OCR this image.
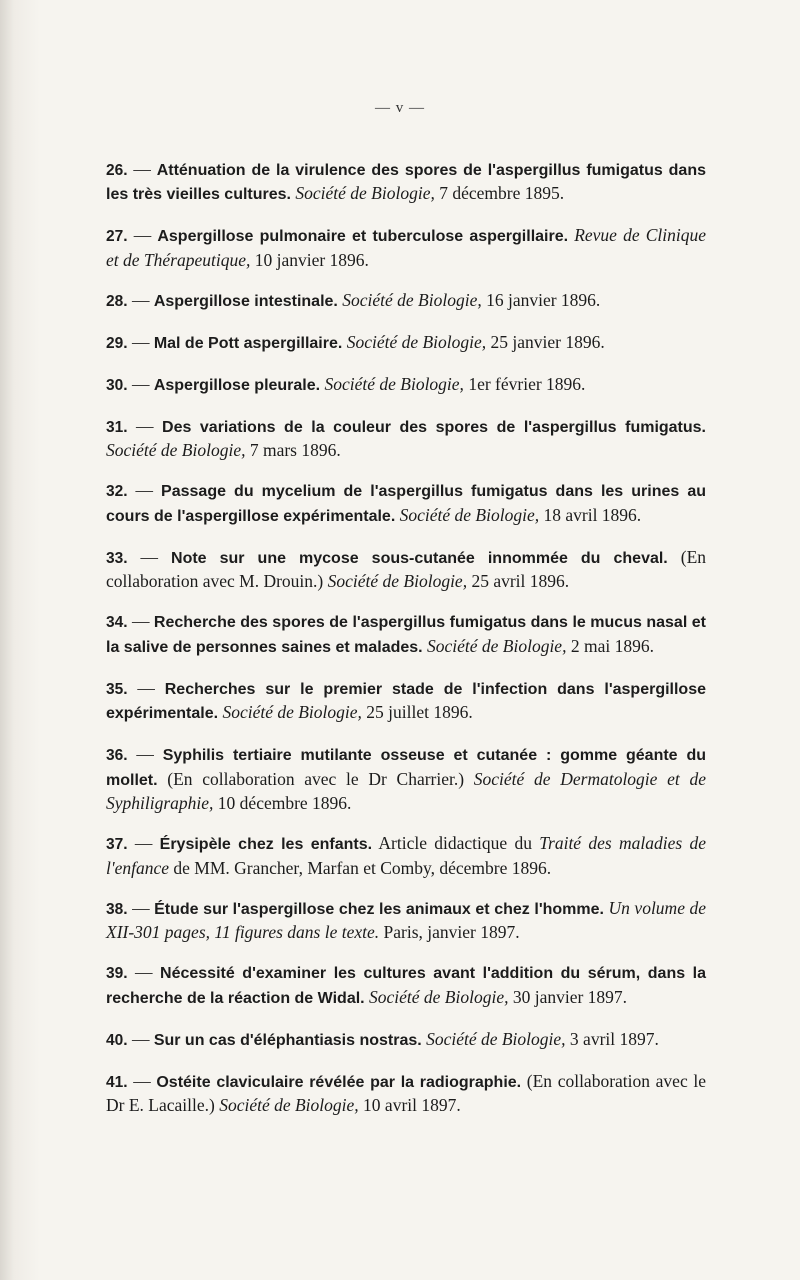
— v —

26. — Atténuation de la virulence des spores de l'aspergillus fumigatus dans les très vieilles cultures. Société de Biologie, 7 décembre 1895.

27. — Aspergillose pulmonaire et tuberculose aspergillaire. Revue de Clinique et de Thérapeutique, 10 janvier 1896.

28. — Aspergillose intestinale. Société de Biologie, 16 janvier 1896.

29. — Mal de Pott aspergillaire. Société de Biologie, 25 janvier 1896.

30. — Aspergillose pleurale. Société de Biologie, 1er février 1896.

31. — Des variations de la couleur des spores de l'aspergillus fumigatus. Société de Biologie, 7 mars 1896.

32. — Passage du mycelium de l'aspergillus fumigatus dans les urines au cours de l'aspergillose expérimentale. Société de Biologie, 18 avril 1896.

33. — Note sur une mycose sous-cutanée innommée du cheval. (En collaboration avec M. Drouin.) Société de Biologie, 25 avril 1896.

34. — Recherche des spores de l'aspergillus fumigatus dans le mucus nasal et la salive de personnes saines et malades. Société de Biologie, 2 mai 1896.

35. — Recherches sur le premier stade de l'infection dans l'aspergillose expérimentale. Société de Biologie, 25 juillet 1896.

36. — Syphilis tertiaire mutilante osseuse et cutanée : gomme géante du mollet. (En collaboration avec le Dr Charrier.) Société de Dermatologie et de Syphiligraphie, 10 décembre 1896.

37. — Érysipèle chez les enfants. Article didactique du Traité des maladies de l'enfance de MM. Grancher, Marfan et Comby, décembre 1896.

38. — Étude sur l'aspergillose chez les animaux et chez l'homme. Un volume de XII-301 pages, 11 figures dans le texte. Paris, janvier 1897.

39. — Nécessité d'examiner les cultures avant l'addition du sérum, dans la recherche de la réaction de Widal. Société de Biologie, 30 janvier 1897.

40. — Sur un cas d'éléphantiasis nostras. Société de Biologie, 3 avril 1897.

41. — Ostéite claviculaire révélée par la radiographie. (En collaboration avec le Dr E. Lacaille.) Société de Biologie, 10 avril 1897.
